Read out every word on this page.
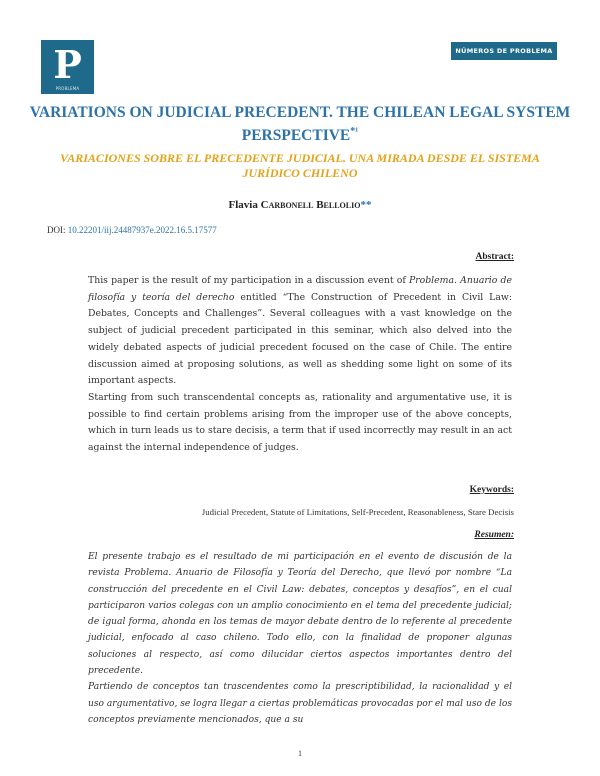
P
PROBLEMA
NÚMEROS DE PROBLEMA
VARIATIONS ON JUDICIAL PRECEDENT. THE CHILEAN LEGAL SYSTEM $PERSPECTIVE^{*^1}$
VARIACIONES SOBRE EL PRECEDENTE JUDICIAL. UNA MIRADA DESDE EL SISTEMA JURÍDICO CHILENO
Flavia Carbonell Bellolio**
DOI: 10.22201/iij.24487937e.2022.16.5.17577
Abstract:

This paper is the result of my participation in a discussion event of Problema. Anuario de filosofía y teoría del derecho entitled “The Construction of Precedent in Civil Law: Debates, Concepts and Challenges”. Several colleagues with a vast knowledge on the subject of judicial precedent participated in this seminar, which also delved into the widely debated aspects of judicial precedent focused on the case of Chile. The entire discussion aimed at proposing solutions, as well as shedding some light on some of its important aspects.

Starting from such transcendental concepts as, rationality and argumentative use, it is possible to find certain problems arising from the improper use of the above concepts, which in turn leads us to stare decisis, a term that if used incorrectly may result in an act against the internal independence of judges.

Keywords:
Judicial Precedent, Statute of Limitations, Self-Precedent, Reasonableness, Stare Decisis
Resumen:

El presente trabajo es el resultado de mi participación en el evento de discusión de la revista Problema. Anuario de Filosofía y Teoría del Derecho, que llevó por nombre “La construcción del precedente en el Civil Law: debates, conceptos y desafíos”, en el cual participaron varios colegas con un amplio conocimiento en el tema del precedente judicial; de igual forma, ahonda en los temas de mayor debate dentro de lo referente al precedente judicial, enfocado al caso chileno. Todo ello, con la finalidad de proponer algunas soluciones al respecto, así como dilucidar ciertos aspectos importantes dentro del precedente.

Partiendo de conceptos tan trascendentes como la prescriptibilidad, la racionalidad y el uso argumentativo, se logra llegar a ciertas problemáticas provocadas por el mal uso de los conceptos previamente mencionados, que a su

1
